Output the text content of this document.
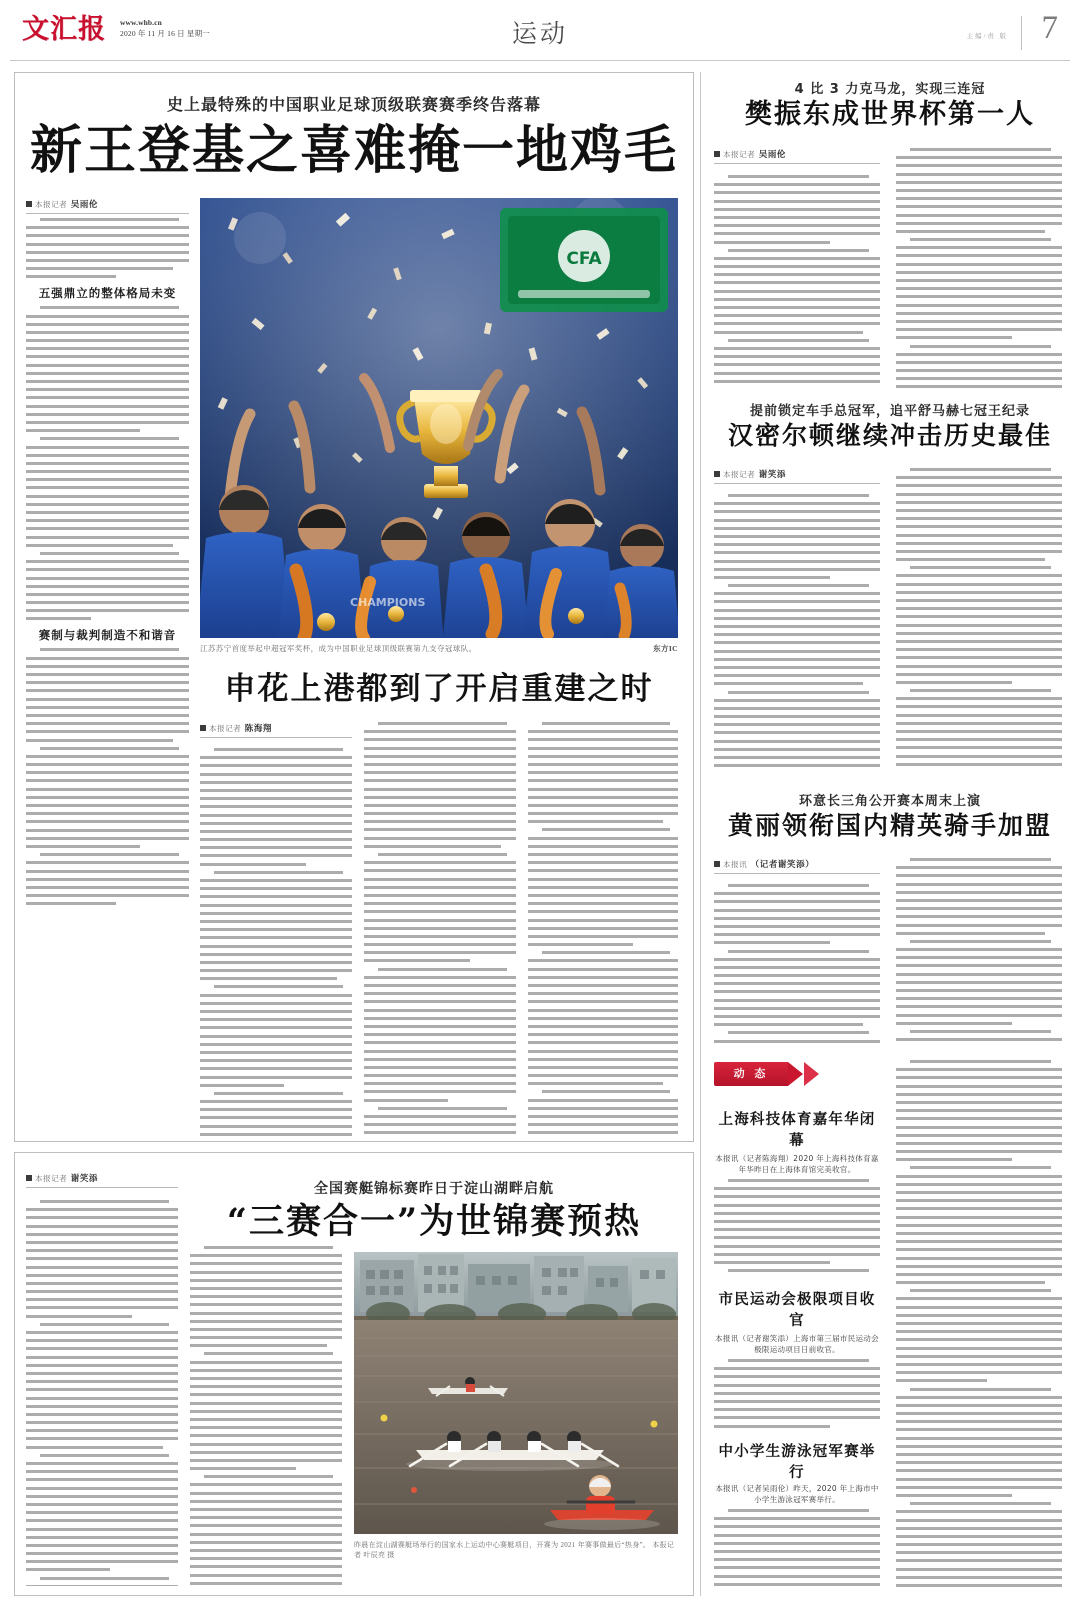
文汇报 www.whb.cn
2020 年 11 月 16 日 星期一	运动	主编/责 版 7
史上最特殊的中国职业足球顶级联赛赛季终告落幕
新王登基之喜难掩一地鸡毛
本报记者 吴雨伦
五强鼎立的整体格局未变
赛制与裁判制造不和谐音
CFA
CHAMPIONS
江苏苏宁首度举起中超冠军奖杯，成为中国职业足球顶级联赛第九支夺冠球队。	东方IC
申花上港都到了开启重建之时
本报记者 陈海翔
本报记者 谢笑添
全国赛艇锦标赛昨日于淀山湖畔启航
“三赛合一”为世锦赛预热
昨晨在淀山湖赛艇场举行的国家水上运动中心赛艇项目，开赛为 2021 年赛事做最后“热身”。 本报记者 叶辰亮 摄
4 比 3 力克马龙，实现三连冠
樊振东成世界杯第一人
本报记者 吴雨伦
提前锁定车手总冠军，追平舒马赫七冠王纪录
汉密尔顿继续冲击历史最佳
本报记者 谢笑添
环意长三角公开赛本周末上演
黄丽领衔国内精英骑手加盟
本报讯 （记者谢笑添）
动 态
上海科技体育嘉年华闭幕
本报讯（记者陈海翔）2020 年上海科技体育嘉年华昨日在上海体育馆完美收官。
市民运动会极限项目收官
本报讯（记者谢笑添）上海市第三届市民运动会极限运动项目日前收官。
中小学生游泳冠军赛举行
本报讯（记者吴雨伦）昨天，2020 年上海市中小学生游泳冠军赛举行。
